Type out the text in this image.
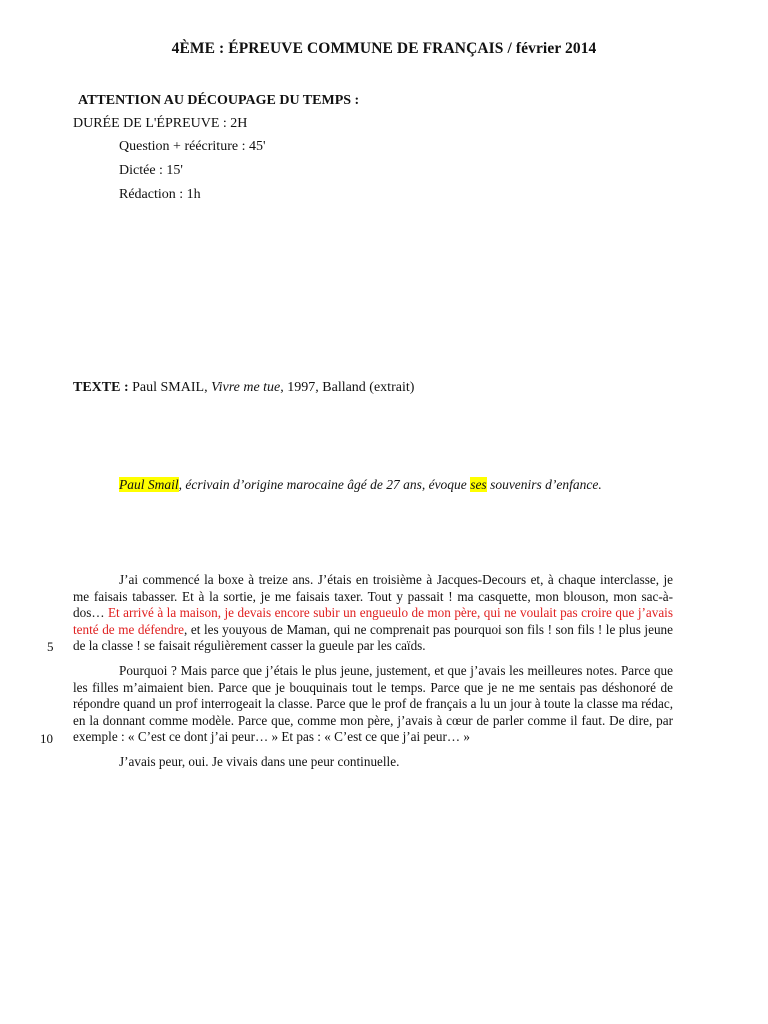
4ÈME : ÉPREUVE COMMUNE DE FRANÇAIS / février 2014
ATTENTION AU DÉCOUPAGE DU TEMPS :
DURÉE DE L'ÉPREUVE : 2H
Question + réécriture : 45'
Dictée : 15'
Rédaction : 1h
TEXTE : Paul SMAIL, Vivre me tue, 1997, Balland (extrait)
Paul Smail, écrivain d’origine marocaine âgé de 27 ans, évoque ses souvenirs d’enfance.
5
10

J’ai commencé la boxe à treize ans. J’étais en troisième à Jacques-Decours et, à chaque interclasse, je me faisais tabasser. Et à la sortie, je me faisais taxer. Tout y passait ! ma casquette, mon blouson, mon sac-à-dos… Et arrivé à la maison, je devais encore subir un engueulo de mon père, qui ne voulait pas croire que j’avais tenté de me défendre, et les youyous de Maman, qui ne comprenait pas pourquoi son fils ! son fils ! le plus jeune de la classe ! se faisait régulièrement casser la gueule par les caïds.

Pourquoi ? Mais parce que j’étais le plus jeune, justement, et que j’avais les meilleures notes. Parce que les filles m’aimaient bien. Parce que je bouquinais tout le temps. Parce que je ne me sentais pas déshonoré de répondre quand un prof interrogeait la classe. Parce que le prof de français a lu un jour à toute la classe ma rédac, en la donnant comme modèle. Parce que, comme mon père, j’avais à cœur de parler comme il faut. De dire, par exemple : « C’est ce dont j’ai peur… » Et pas : « C’est ce que j’ai peur… »

J’avais peur, oui. Je vivais dans une peur continuelle.
